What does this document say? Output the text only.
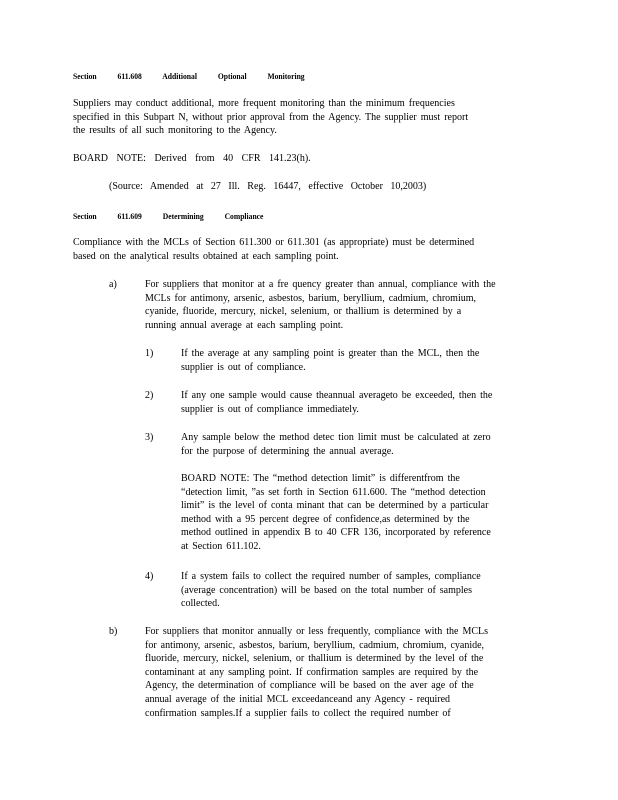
Section 611.608 Additional Optional Monitoring
Suppliers may conduct additional, more frequent monitoring than the minimum frequencies
specified in this Subpart N, without prior approval from the Agency. The supplier must report
the results of all such monitoring to the Agency.
BOARD NOTE: Derived from 40 CFR 141.23(h).
(Source: Amended at 27 Ill. Reg. 16447, effective October 10,2003)
Section 611.609 Determining Compliance
Compliance with the MCLs of Section 611.300 or 611.301 (as appropriate) must be determined
based on the analytical results obtained at each sampling point.
a)	For suppliers that monitor at a fre quency greater than annual, compliance with the
MCLs for antimony, arsenic, asbestos, barium, beryllium, cadmium, chromium,
cyanide, fluoride, mercury, nickel, selenium, or thallium is determined by a
running annual average at each sampling point.
1)	If the average at any sampling point is greater than the MCL, then the
supplier is out of compliance.
2)	If any one sample would cause theannual averageto be exceeded, then the
supplier is out of compliance immediately.
3)	Any sample below the method detec tion limit must be calculated at zero
for the purpose of determining the annual average.
BOARD NOTE: The “method detection limit” is differentfrom the
“detection limit, ”as set forth in Section 611.600. The “method detection
limit” is the level of conta minant that can be determined by a particular
method with a 95 percent degree of confidence,as determined by the
method outlined in appendix B to 40 CFR 136, incorporated by reference
at Section 611.102.
4)	If a system fails to collect the required number of samples, compliance
(average concentration) will be based on the total number of samples
collected.
b)	For suppliers that monitor annually or less frequently, compliance with the MCLs
for antimony, arsenic, asbestos, barium, beryllium, cadmium, chromium, cyanide,
fluoride, mercury, nickel, selenium, or thallium is determined by the level of the
contaminant at any sampling point. If confirmation samples are required by the
Agency, the determination of compliance will be based on the aver age of the
annual average of the initial MCL exceedanceand any Agency - required
confirmation samples.If a supplier fails to collect the required number of
